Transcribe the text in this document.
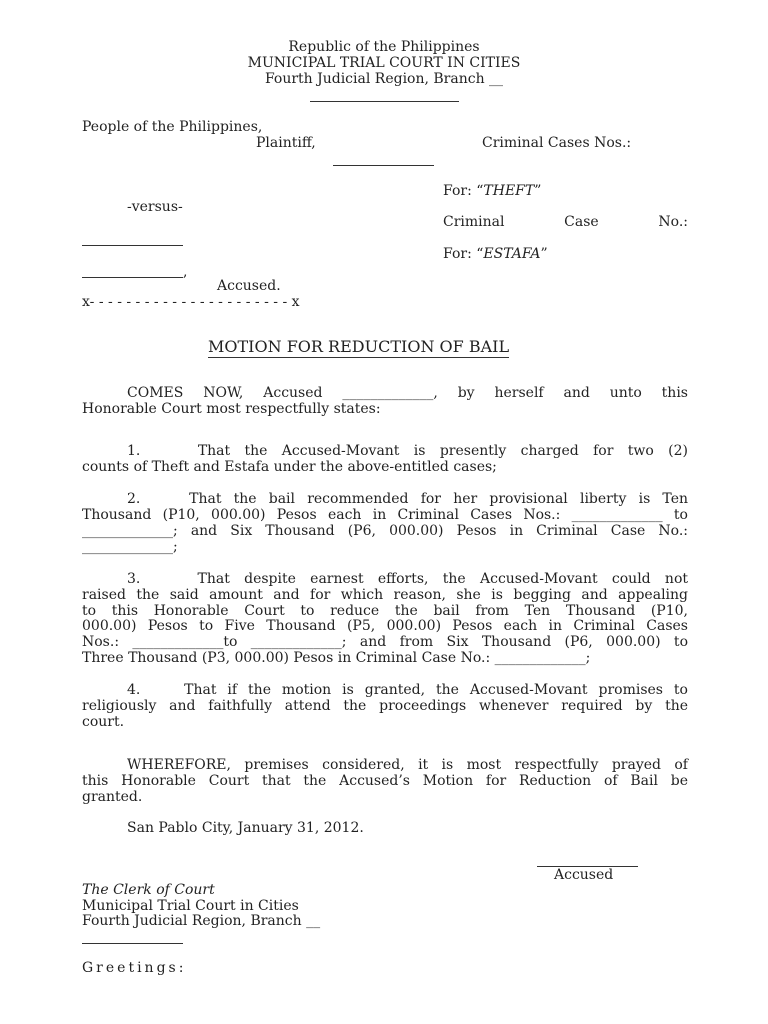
Republic of the Philippines
MUNICIPAL TRIAL COURT IN CITIES
Fourth Judicial Region, Branch __
People of the Philippines,
Plaintiff,	Criminal Cases Nos.:
For: “THEFT”
-versus-
Criminal Case No.:
For: “ESTAFA”
,
Accused.
x- - - - - - - - - - - - - - - - - - - - - - x
MOTION FOR REDUCTION OF BAIL
COMES NOW, Accused _____________, by herself and unto this
Honorable Court most respectfully states:
1.    That the Accused-Movant is presently charged for two (2)
counts of Theft and Estafa under the above-entitled cases;
2.    That the bail recommended for her provisional liberty is Ten
Thousand (P10, 000.00) Pesos each in Criminal Cases Nos.: _____________ to
_____________; and Six Thousand (P6, 000.00) Pesos in Criminal Case No.:
_____________;
3.    That despite earnest efforts, the Accused-Movant could not
raised the said amount and for which reason, she is begging and appealing
to this Honorable Court to reduce the bail from Ten Thousand (P10,
000.00) Pesos to Five Thousand (P5, 000.00) Pesos each in Criminal Cases
Nos.: _____________to _____________; and from Six Thousand (P6, 000.00) to
Three Thousand (P3, 000.00) Pesos in Criminal Case No.: _____________;
4.    That if the motion is granted, the Accused-Movant promises to
religiously and faithfully attend the proceedings whenever required by the
court.
WHEREFORE, premises considered, it is most respectfully prayed of
this Honorable Court that the Accused’s Motion for Reduction of Bail be
granted.
San Pablo City, January 31, 2012.
Accused
The Clerk of Court
Municipal Trial Court in Cities
Fourth Judicial Region, Branch __
Greetings:
